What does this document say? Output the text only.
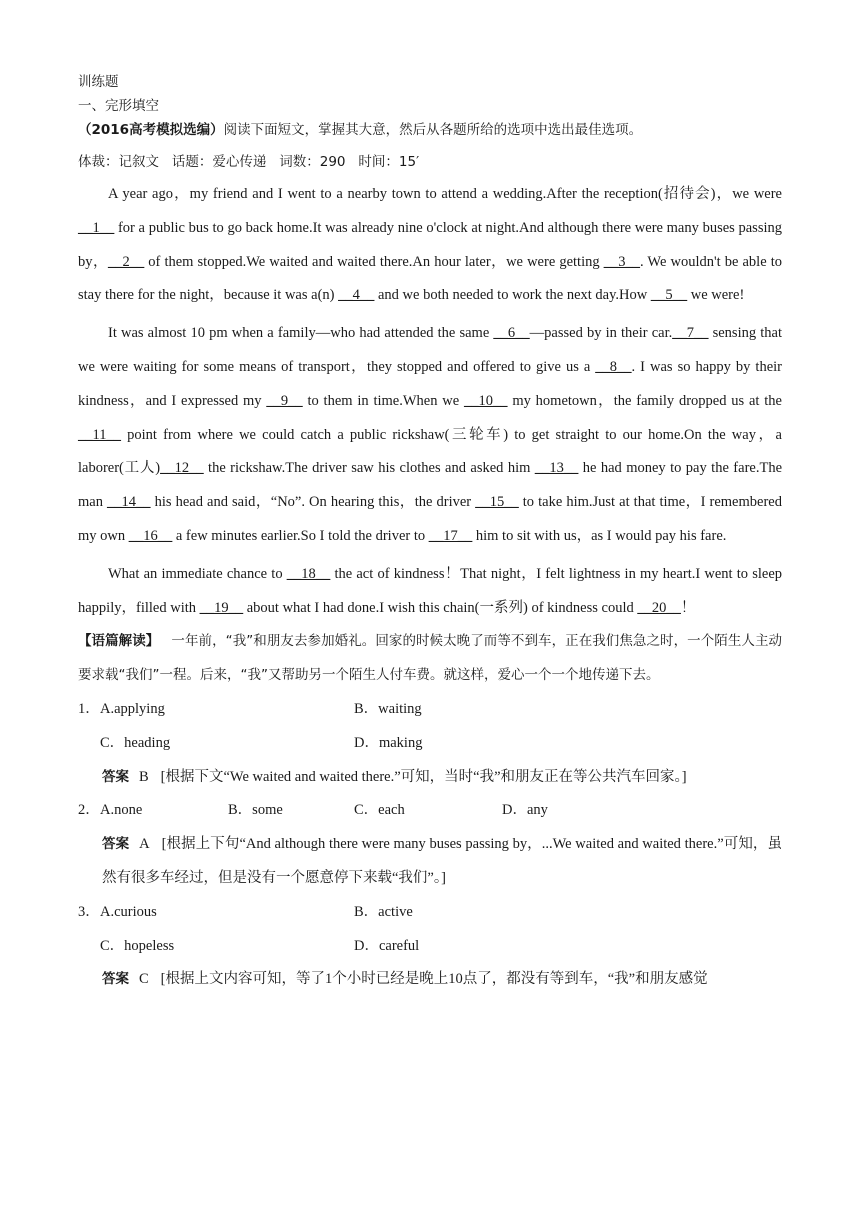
训练题
一、完形填空
（2016高考模拟选编）阅读下面短文，掌握其大意，然后从各题所给的选项中选出最佳选项。
体裁：记叙文   话题：爱心传递   词数：290   时间：15′

A year ago，my friend and I went to a nearby town to attend a wedding.After the reception(招待会)，we were __1__ for a public bus to go back home.It was already nine o'clock at night.And although there were many buses passing by，__2__ of them stopped.We waited and waited there.An hour later，we were getting __3__. We wouldn't be able to stay there for the night，because it was a(n) __4__ and we both needed to work the next day.How __5__ we were!

It was almost 10 pm when a family—who had attended the same __6__—passed by in their car.__7__ sensing that we were waiting for some means of transport，they stopped and offered to give us a __8__. I was so happy by their kindness，and I expressed my __9__ to them in time.When we __10__ my hometown，the family dropped us at the __11__ point from where we could catch a public rickshaw(三轮车) to get straight to our home.On the way，a laborer(工人)__12__ the rickshaw.The driver saw his clothes and asked him __13__ he had money to pay the fare.The man __14__ his head and said，“No”. On hearing this，the driver __15__ to take him.Just at that time，I remembered my own __16__ a few minutes earlier.So I told the driver to __17__ him to sit with us，as I would pay his fare.

What an immediate chance to __18__ the act of kindness！That night，I felt lightness in my heart.I went to sleep happily，filled with __19__ about what I had done.I wish this chain(一系列) of kindness could __20__！

【语篇解读】 一年前，“我”和朋友去参加婚礼。回家的时候太晚了而等不到车，正在我们焦急之时，一个陌生人主动要求载“我们”一程。后来，“我”又帮助另一个陌生人付车费。就这样，爱心一个一个地传递下去。
1． A.applying	B．waiting
C．heading	D．making
答案 B [根据下文“We waited and waited there.”可知，当时“我”和朋友正在等公共汽车回家。]
2． A.none	B．some	C．each	D．any
答案 A [根据上下句“And although there were many buses passing by，...We waited and waited there.”可知，虽然有很多车经过，但是没有一个愿意停下来载“我们”。]
3． A.curious	B．active
C．hopeless	D．careful
答案 C [根据上文内容可知，等了1个小时已经是晚上10点了，都没有等到车，“我”和朋友感觉
